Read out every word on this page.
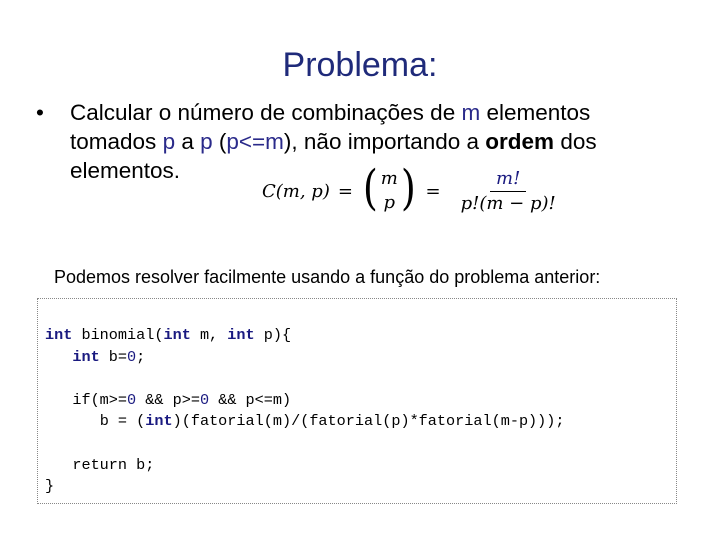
Problema:
• Calcular o número de combinações de m elementos tomados p a p (p<=m), não importando a ordem dos elementos.
C(m, p) = ( m
p ) = $\frac{m!}{p!(m - p)!}$
Podemos resolver facilmente usando a função do problema anterior:
int binomial(int m, int p){
int b=0;

if(m>=0 && p>=0 && p<=m)
b = (int)(fatorial(m)/(fatorial(p)*fatorial(m-p)));

return b;
}
